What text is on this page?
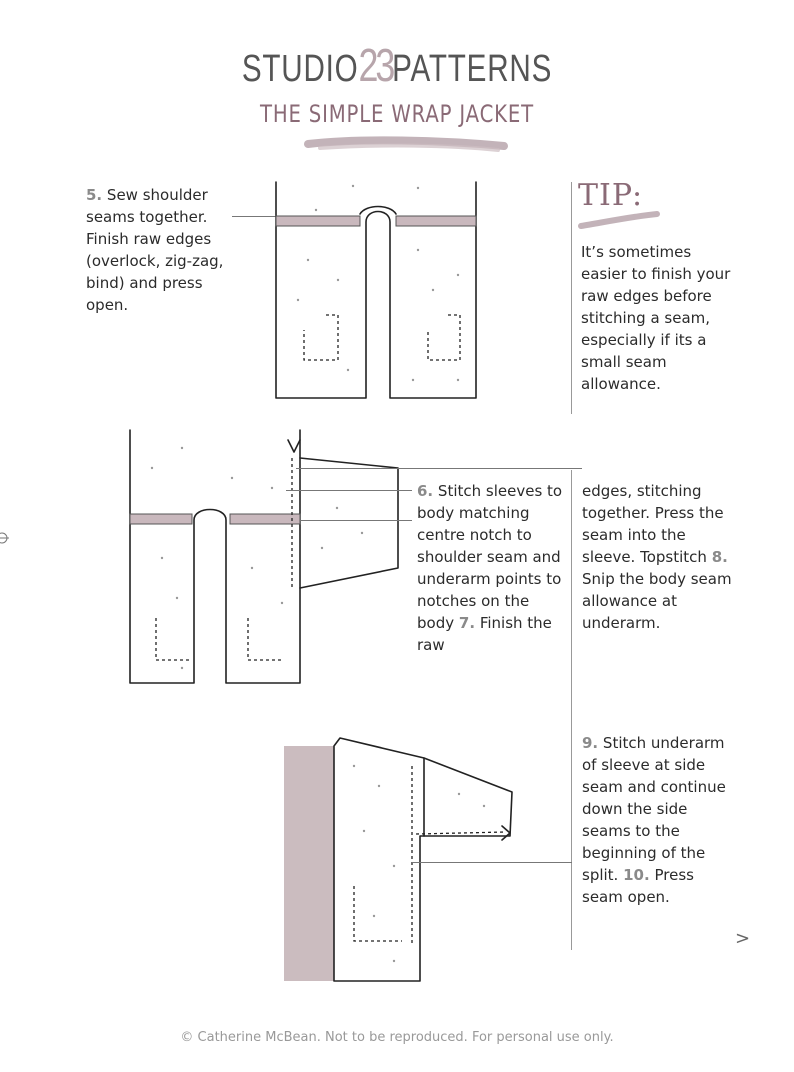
STUDIO23PATTERNS
THE SIMPLE WRAP JACKET
5. Sew shoulder seams together. Finish raw edges (overlock, zig-zag, bind) and press open.
TIP:
It’s sometimes easier to finish your raw edges before stitching a seam, especially if its a small seam allowance.
6. Stitch sleeves to body matching centre notch to shoulder seam and underarm points to notches on the body 7. Finish the raw
edges, stitching together. Press the seam into the sleeve. Topstitch 8. Snip the body seam allowance at underarm.
9. Stitch underarm of sleeve at side seam and continue down the side seams to the beginning of the split. 10. Press seam open.
>
© Catherine McBean. Not to be reproduced. For personal use only.
